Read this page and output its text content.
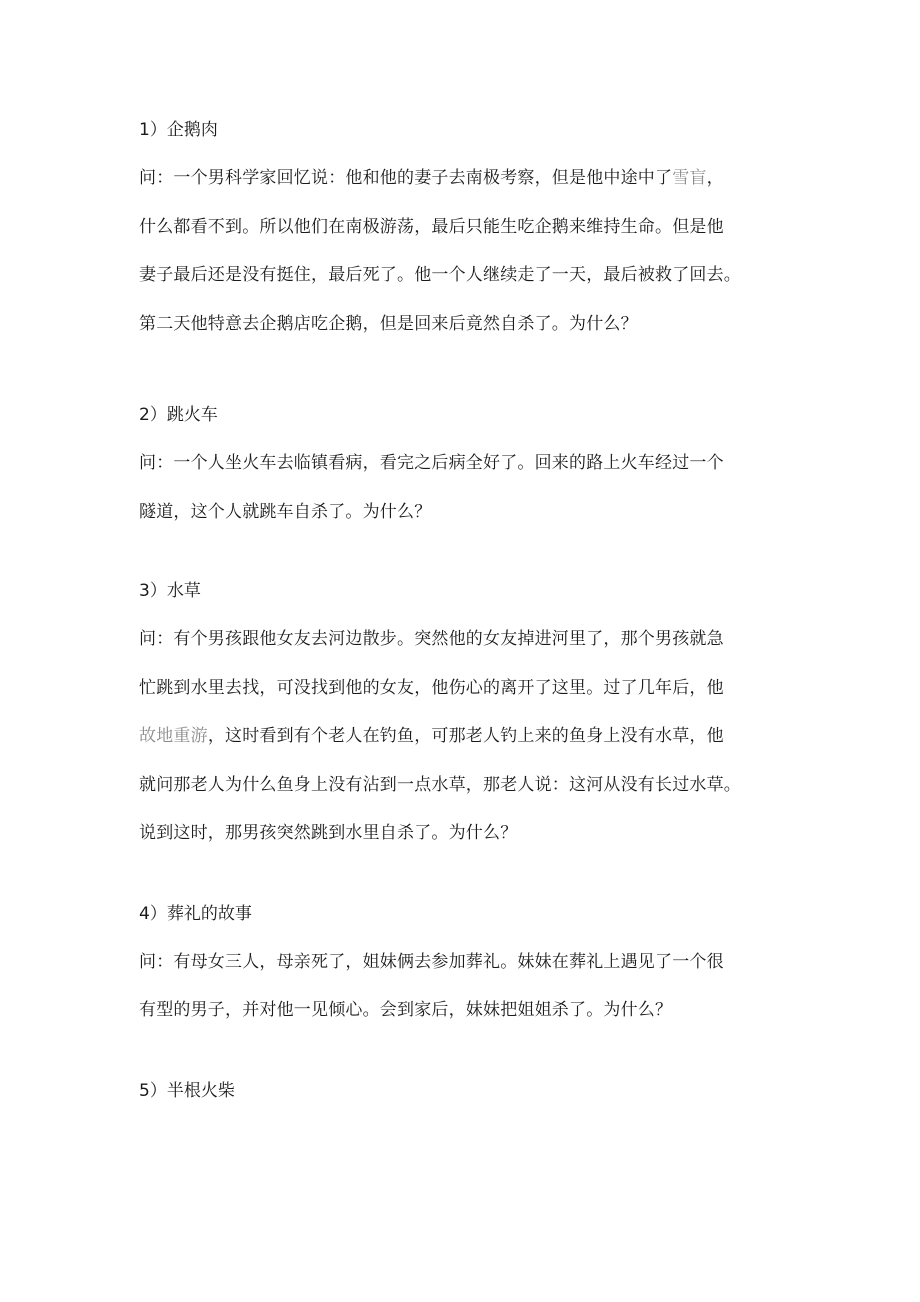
1）企鹅肉

问：一个男科学家回忆说：他和他的妻子去南极考察，但是他中途中了雪盲，
什么都看不到。所以他们在南极游荡，最后只能生吃企鹅来维持生命。但是他
妻子最后还是没有挺住，最后死了。他一个人继续走了一天，最后被救了回去。
第二天他特意去企鹅店吃企鹅，但是回来后竟然自杀了。为什么？

2）跳火车

问：一个人坐火车去临镇看病，看完之后病全好了。回来的路上火车经过一个
隧道，这个人就跳车自杀了。为什么？

3）水草

问：有个男孩跟他女友去河边散步。突然他的女友掉进河里了，那个男孩就急
忙跳到水里去找，可没找到他的女友，他伤心的离开了这里。过了几年后，他
故地重游，这时看到有个老人在钓鱼，可那老人钓上来的鱼身上没有水草，他
就问那老人为什么鱼身上没有沾到一点水草，那老人说：这河从没有长过水草。
说到这时，那男孩突然跳到水里自杀了。为什么？

4）葬礼的故事

问：有母女三人，母亲死了，姐妹俩去参加葬礼。妹妹在葬礼上遇见了一个很
有型的男子，并对他一见倾心。会到家后，妹妹把姐姐杀了。为什么？

5）半根火柴
